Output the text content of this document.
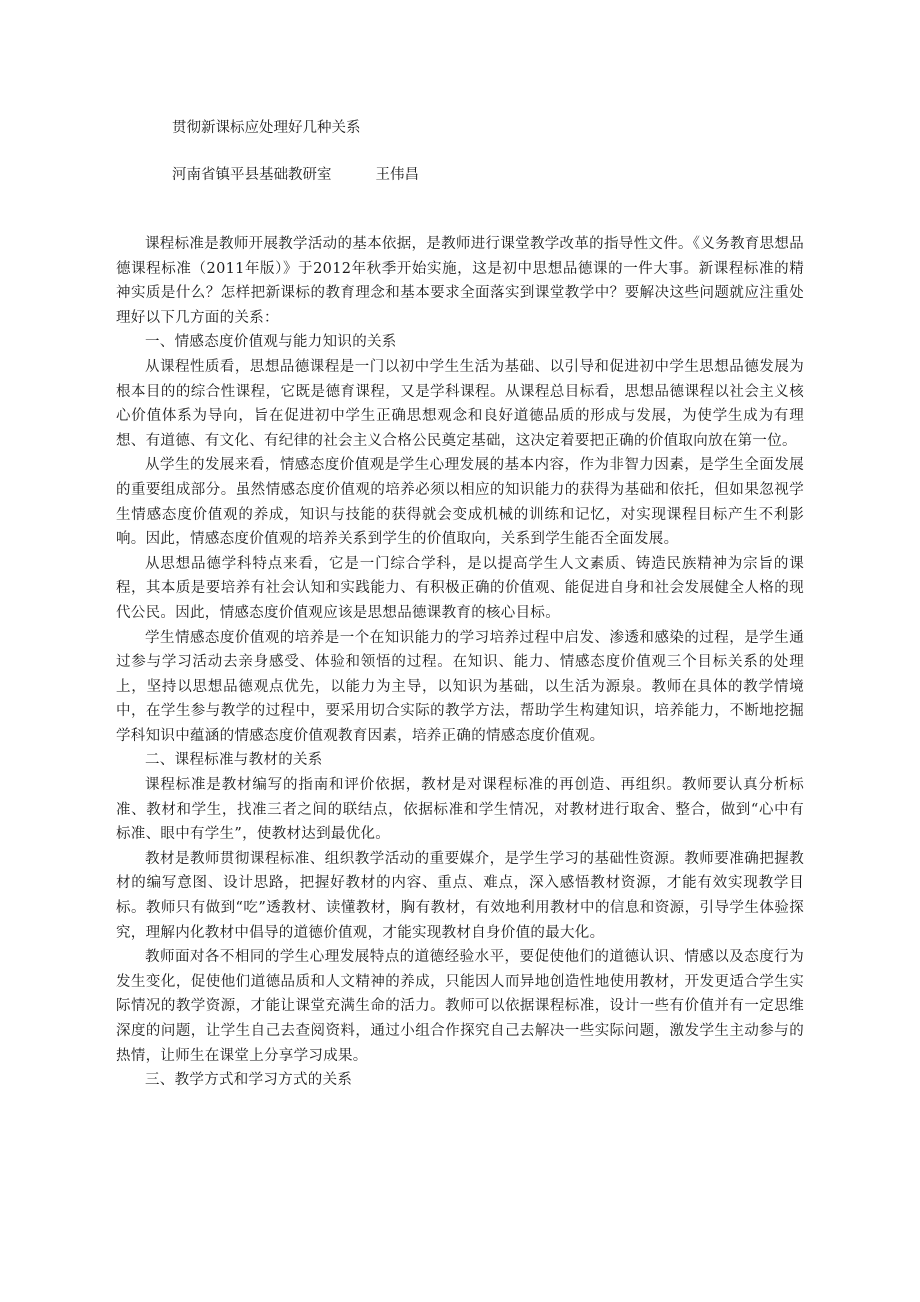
贯彻新课标应处理好几种关系
河南省镇平县基础教研室	王伟昌

课程标准是教师开展教学活动的基本依据，是教师进行课堂教学改革的指导性文件。《义务教育思想品德课程标准（2011年版）》于2012年秋季开始实施，这是初中思想品德课的一件大事。新课程标准的精神实质是什么？怎样把新课标的教育理念和基本要求全面落实到课堂教学中？要解决这些问题就应注重处理好以下几方面的关系：

一、情感态度价值观与能力知识的关系

从课程性质看，思想品德课程是一门以初中学生生活为基础、以引导和促进初中学生思想品德发展为根本目的的综合性课程，它既是德育课程，又是学科课程。从课程总目标看，思想品德课程以社会主义核心价值体系为导向，旨在促进初中学生正确思想观念和良好道德品质的形成与发展，为使学生成为有理想、有道德、有文化、有纪律的社会主义合格公民奠定基础，这决定着要把正确的价值取向放在第一位。

从学生的发展来看，情感态度价值观是学生心理发展的基本内容，作为非智力因素，是学生全面发展的重要组成部分。虽然情感态度价值观的培养必须以相应的知识能力的获得为基础和依托，但如果忽视学生情感态度价值观的养成，知识与技能的获得就会变成机械的训练和记忆，对实现课程目标产生不利影响。因此，情感态度价值观的培养关系到学生的价值取向，关系到学生能否全面发展。

从思想品德学科特点来看，它是一门综合学科，是以提高学生人文素质、铸造民族精神为宗旨的课程，其本质是要培养有社会认知和实践能力、有积极正确的价值观、能促进自身和社会发展健全人格的现代公民。因此，情感态度价值观应该是思想品德课教育的核心目标。

学生情感态度价值观的培养是一个在知识能力的学习培养过程中启发、渗透和感染的过程，是学生通过参与学习活动去亲身感受、体验和领悟的过程。在知识、能力、情感态度价值观三个目标关系的处理上，坚持以思想品德观点优先，以能力为主导，以知识为基础，以生活为源泉。教师在具体的教学情境中，在学生参与教学的过程中，要采用切合实际的教学方法，帮助学生构建知识，培养能力，不断地挖掘学科知识中蕴涵的情感态度价值观教育因素，培养正确的情感态度价值观。

二、课程标准与教材的关系

课程标准是教材编写的指南和评价依据，教材是对课程标准的再创造、再组织。教师要认真分析标准、教材和学生，找准三者之间的联结点，依据标准和学生情况，对教材进行取舍、整合，做到“心中有标准、眼中有学生”，使教材达到最优化。

教材是教师贯彻课程标准、组织教学活动的重要媒介，是学生学习的基础性资源。教师要准确把握教材的编写意图、设计思路，把握好教材的内容、重点、难点，深入感悟教材资源，才能有效实现教学目标。教师只有做到“吃”透教材、读懂教材，胸有教材，有效地利用教材中的信息和资源，引导学生体验探究，理解内化教材中倡导的道德价值观，才能实现教材自身价值的最大化。

教师面对各不相同的学生心理发展特点的道德经验水平，要促使他们的道德认识、情感以及态度行为发生变化，促使他们道德品质和人文精神的养成，只能因人而异地创造性地使用教材，开发更适合学生实际情况的教学资源，才能让课堂充满生命的活力。教师可以依据课程标准，设计一些有价值并有一定思维深度的问题，让学生自己去查阅资料，通过小组合作探究自己去解决一些实际问题，激发学生主动参与的热情，让师生在课堂上分享学习成果。

三、教学方式和学习方式的关系
